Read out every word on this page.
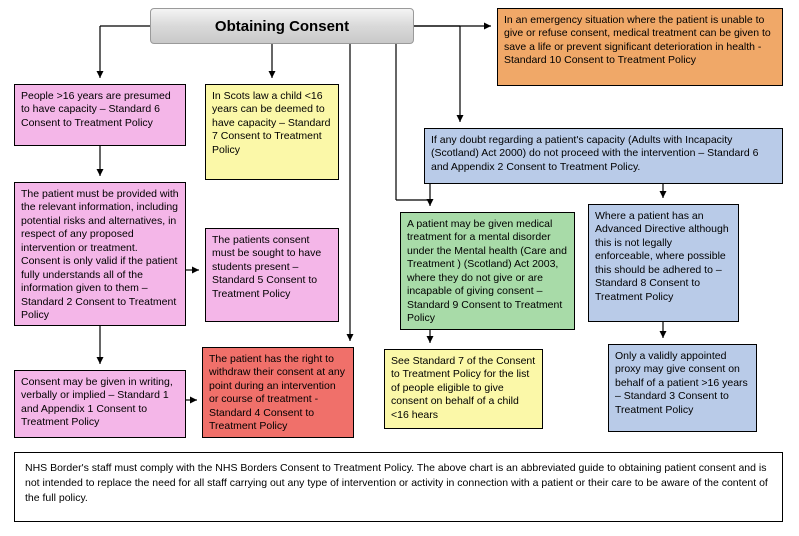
Obtaining Consent
NHS Border's staff must comply with the NHS Borders Consent to Treatment Policy. The above chart is an abbreviated guide to obtaining patient consent and is not intended to replace the need for all staff carrying out any type of intervention or activity in connection with a patient or their care to be aware of the content of the full policy.
In an emergency situation where the patient is unable to give or refuse consent, medical treatment can be given to save a life or prevent significant deterioration in health -Standard 10 Consent to Treatment Policy
People >16 years are presumed to have capacity – Standard 6 Consent to Treatment Policy
In Scots law a child <16 years can be deemed to have capacity – Standard 7 Consent to Treatment Policy
If any doubt regarding a patient's capacity (Adults with Incapacity (Scotland) Act 2000) do not proceed with the intervention – Standard 6 and Appendix 2 Consent to Treatment Policy.
The patient must be provided with the relevant information, including potential risks and alternatives, in respect of any proposed intervention or treatment. Consent is only valid if the patient fully understands all of the information given to them – Standard 2 Consent to Treatment Policy
A patient may be given medical treatment for a mental disorder under the Mental health (Care and Treatment ) (Scotland) Act 2003, where they do not give or are incapable of giving consent – Standard 9 Consent to Treatment Policy
Where a patient has an Advanced Directive although this is not legally enforceable, where possible this should be adhered to – Standard 8 Consent to Treatment Policy
The patients consent must be sought to have students present – Standard 5 Consent to Treatment Policy
See Standard 7 of the Consent to Treatment Policy for the list of people eligible to give consent on behalf of a child <16 hears
Consent may be given in writing, verbally or implied – Standard 1 and Appendix 1 Consent to Treatment Policy
The patient has the right to withdraw their consent at any point during an intervention or course of treatment -Standard 4 Consent to Treatment Policy
Only a validly appointed proxy may give consent on behalf of a patient >16 years – Standard 3 Consent to Treatment Policy
